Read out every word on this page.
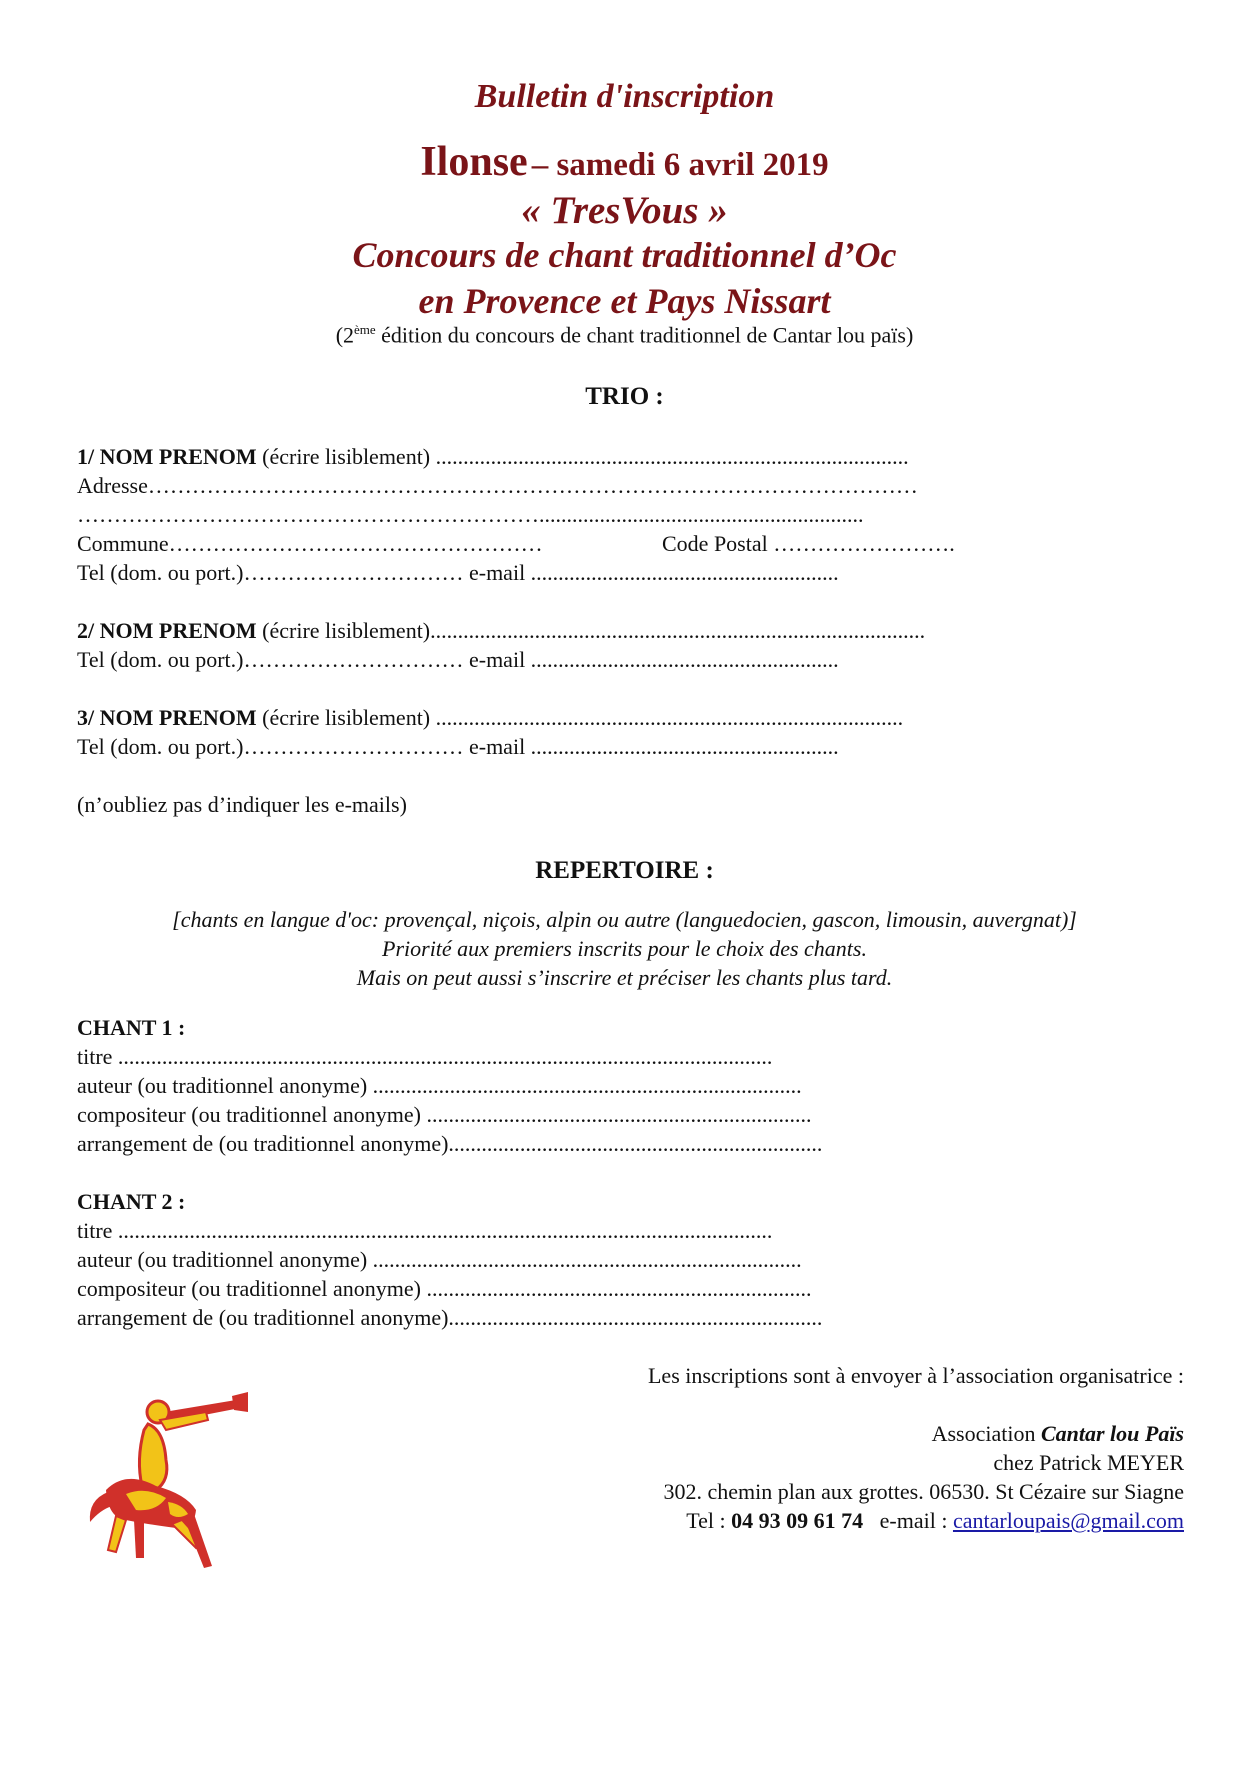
Bulletin d'inscription
Ilonse – samedi 6 avril 2019
« TresVous »
Concours de chant traditionnel d’Oc
en Provence et Pays Nissart
(2ème édition du concours de chant traditionnel de Cantar lou païs)
TRIO :
1/ NOM PRENOM (écrire lisiblement) ......................................................................................
Adresse……………………………………………………………………………………………
………………………………………………………...........................................................
Commune……………………………………………	Code Postal …………………….
Tel (dom. ou port.)………………………… e-mail ........................................................
2/ NOM PRENOM (écrire lisiblement)..........................................................................................
Tel (dom. ou port.)………………………… e-mail ........................................................
3/ NOM PRENOM (écrire lisiblement) .....................................................................................
Tel (dom. ou port.)………………………… e-mail ........................................................
(n’oubliez pas d’indiquer les e-mails)
REPERTOIRE :
[chants en langue d'oc: provençal, niçois, alpin ou autre (languedocien, gascon, limousin, auvergnat)]
Priorité aux premiers inscrits pour le choix des chants.
Mais on peut aussi s’inscrire et préciser les chants plus tard.
CHANT 1 :
titre .......................................................................................................................
auteur (ou traditionnel anonyme) ..............................................................................
compositeur (ou traditionnel anonyme) ......................................................................
arrangement de (ou traditionnel anonyme)....................................................................
CHANT 2 :
titre .......................................................................................................................
auteur (ou traditionnel anonyme) ..............................................................................
compositeur (ou traditionnel anonyme) ......................................................................
arrangement de (ou traditionnel anonyme)....................................................................
Les inscriptions sont à envoyer à l’association organisatrice :
Association Cantar lou Païs
chez Patrick MEYER
302. chemin plan aux grottes. 06530. St Cézaire sur Siagne
Tel : 04 93 09 61 74   e-mail : cantarloupais@gmail.com
